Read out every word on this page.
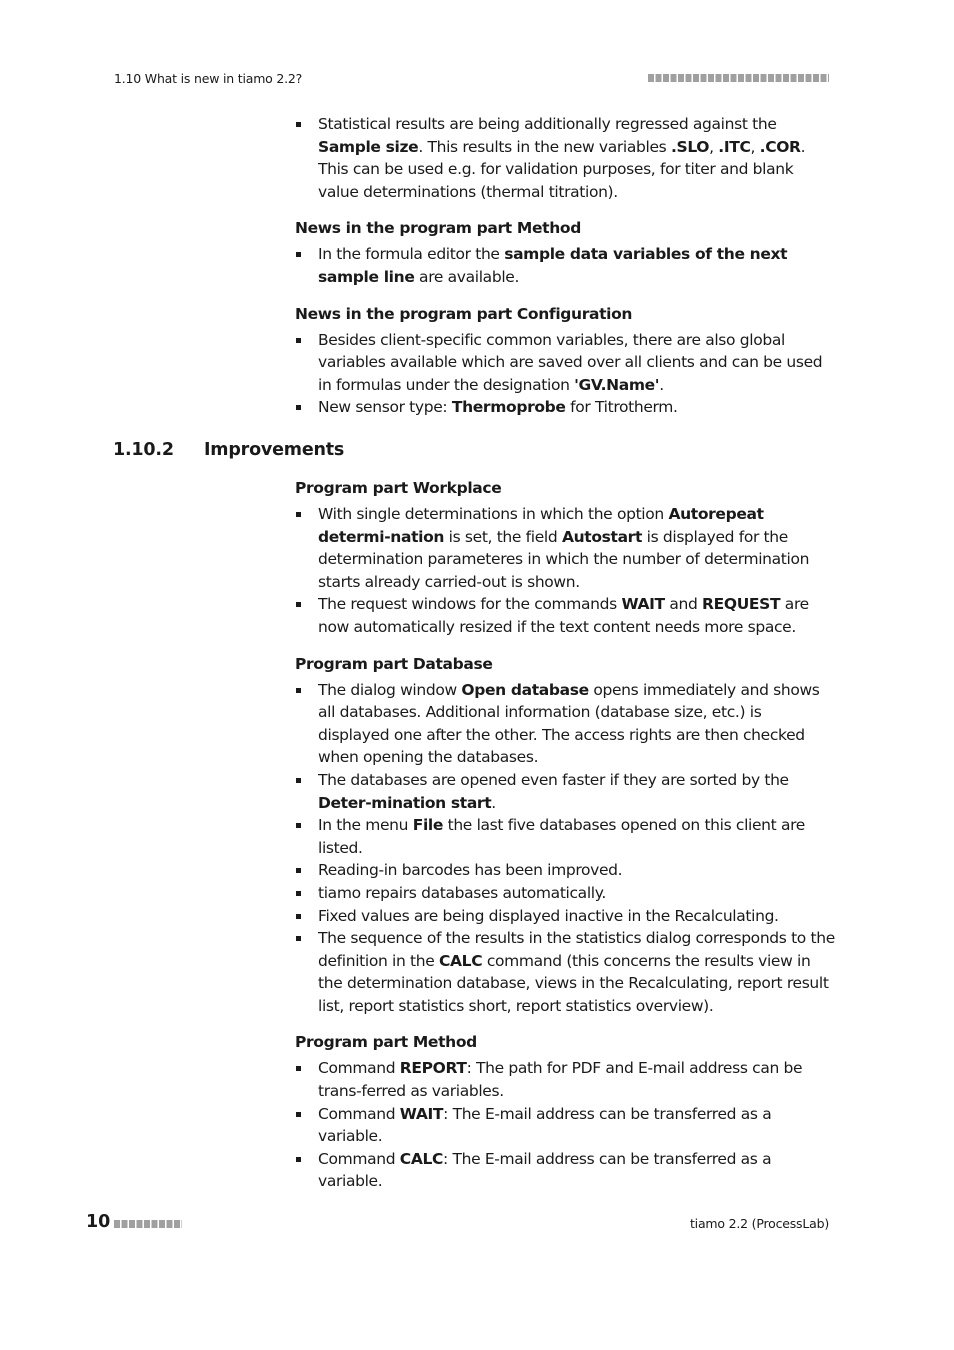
1.10 What is new in tiamo 2.2?
Statistical results are being additionally regressed against the Sample size. This results in the new variables .SLO, .ITC, .COR. This can be used e.g. for validation purposes, for titer and blank value determinations (thermal titration).
News in the program part Method
In the formula editor the sample data variables of the next sample line are available.
News in the program part Configuration
Besides client-specific common variables, there are also global variables available which are saved over all clients and can be used in formulas under the designation 'GV.Name'.
New sensor type: Thermoprobe for Titrotherm.
1.10.2 Improvements
Program part Workplace
With single determinations in which the option Autorepeat determi-nation is set, the field Autostart is displayed for the determination parameteres in which the number of determination starts already carried-out is shown.
The request windows for the commands WAIT and REQUEST are now automatically resized if the text content needs more space.
Program part Database
The dialog window Open database opens immediately and shows all databases. Additional information (database size, etc.) is displayed one after the other. The access rights are then checked when opening the databases.
The databases are opened even faster if they are sorted by the Deter-mination start.
In the menu File the last five databases opened on this client are listed.
Reading-in barcodes has been improved.
tiamo repairs databases automatically.
Fixed values are being displayed inactive in the Recalculating.
The sequence of the results in the statistics dialog corresponds to the definition in the CALC command (this concerns the results view in the determination database, views in the Recalculating, report result list, report statistics short, report statistics overview).
Program part Method
Command REPORT: The path for PDF and E-mail address can be trans-ferred as variables.
Command WAIT: The E-mail address can be transferred as a variable.
Command CALC: The E-mail address can be transferred as a variable.
10	tiamo 2.2 (ProcessLab)
